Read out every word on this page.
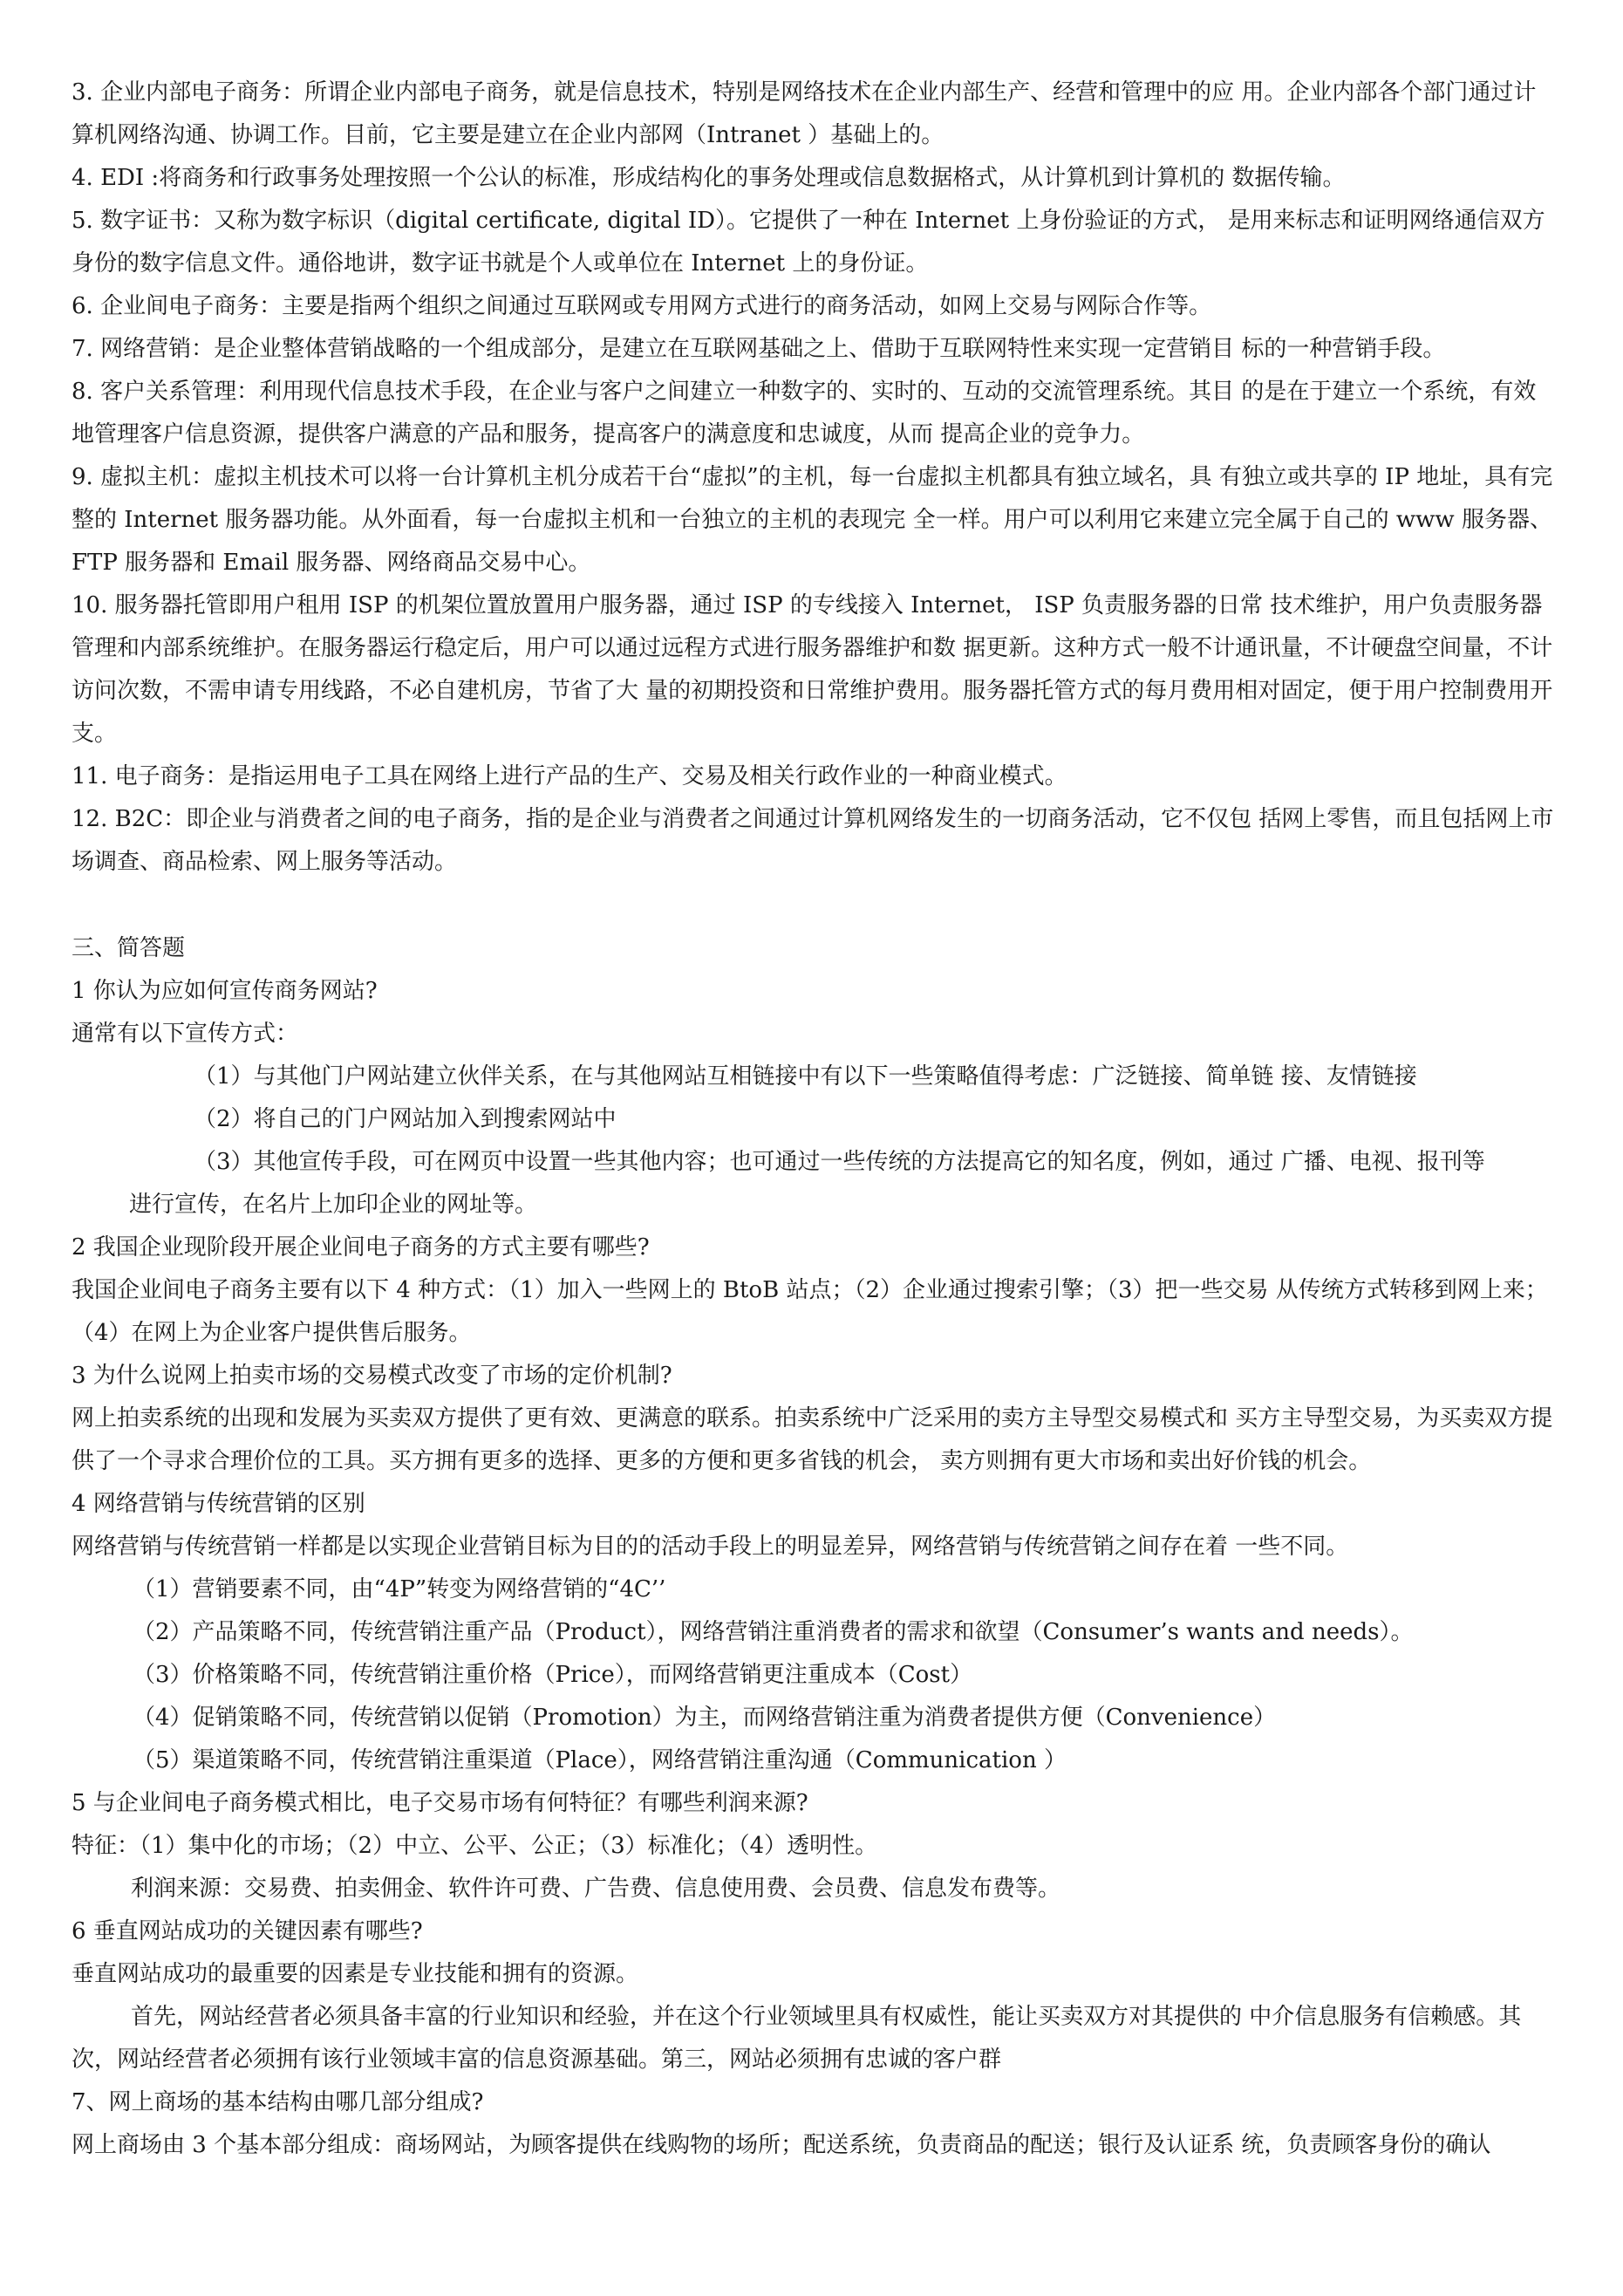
3. 企业内部电子商务：所谓企业内部电子商务，就是信息技术，特别是网络技术在企业内部生产、经营和管理中的应 用。企业内部各个部门通过计算机网络沟通、协调工作。目前，它主要是建立在企业内部网（Intranet ）基础上的。

4. EDI :将商务和行政事务处理按照一个公认的标准，形成结构化的事务处理或信息数据格式，从计算机到计算机的 数据传输。

5. 数字证书：又称为数字标识（digital certificate, digital ID）。它提供了一种在 Internet 上身份验证的方式， 是用来标志和证明网络通信双方身份的数字信息文件。通俗地讲，数字证书就是个人或单位在 Internet 上的身份证。

6. 企业间电子商务：主要是指两个组织之间通过互联网或专用网方式进行的商务活动，如网上交易与网际合作等。

7. 网络营销：是企业整体营销战略的一个组成部分，是建立在互联网基础之上、借助于互联网特性来实现一定营销目 标的一种营销手段。

8. 客户关系管理：利用现代信息技术手段，在企业与客户之间建立一种数字的、实时的、互动的交流管理系统。其目 的是在于建立一个系统，有效地管理客户信息资源，提供客户满意的产品和服务，提高客户的满意度和忠诚度，从而 提高企业的竞争力。

9. 虚拟主机：虚拟主机技术可以将一台计算机主机分成若干台“虚拟”的主机，每一台虚拟主机都具有独立域名，具 有独立或共享的 IP 地址，具有完整的 Internet 服务器功能。从外面看，每一台虚拟主机和一台独立的主机的表现完 全一样。用户可以利用它来建立完全属于自己的 www 服务器、FTP 服务器和 Email 服务器、网络商品交易中心。

10. 服务器托管即用户租用 ISP 的机架位置放置用户服务器，通过 ISP 的专线接入 Internet， ISP 负责服务器的日常 技术维护，用户负责服务器管理和内部系统维护。在服务器运行稳定后，用户可以通过远程方式进行服务器维护和数 据更新。这种方式一般不计通讯量，不计硬盘空间量，不计访问次数，不需申请专用线路，不必自建机房，节省了大 量的初期投资和日常维护费用。服务器托管方式的每月费用相对固定，便于用户控制费用开支。

11. 电子商务：是指运用电子工具在网络上进行产品的生产、交易及相关行政作业的一种商业模式。

12. B2C：即企业与消费者之间的电子商务，指的是企业与消费者之间通过计算机网络发生的一切商务活动，它不仅包 括网上零售，而且包括网上市场调查、商品检索、网上服务等活动。

三、简答题

1 你认为应如何宣传商务网站?

通常有以下宣传方式：

（1）与其他门户网站建立伙伴关系，在与其他网站互相链接中有以下一些策略值得考虑：广泛链接、简单链 接、友情链接

（2）将自己的门户网站加入到搜索网站中

（3）其他宣传手段，可在网页中设置一些其他内容；也可通过一些传统的方法提高它的知名度，例如，通过 广播、电视、报刊等

进行宣传，在名片上加印企业的网址等。

2 我国企业现阶段开展企业间电子商务的方式主要有哪些?

我国企业间电子商务主要有以下 4 种方式：（1）加入一些网上的 BtoB 站点；（2）企业通过搜索引擎；（3）把一些交易 从传统方式转移到网上来；（4）在网上为企业客户提供售后服务。

3 为什么说网上拍卖市场的交易模式改变了市场的定价机制?

网上拍卖系统的出现和发展为买卖双方提供了更有效、更满意的联系。拍卖系统中广泛采用的卖方主导型交易模式和 买方主导型交易，为买卖双方提供了一个寻求合理价位的工具。买方拥有更多的选择、更多的方便和更多省钱的机会， 卖方则拥有更大市场和卖出好价钱的机会。

4 网络营销与传统营销的区别

网络营销与传统营销一样都是以实现企业营销目标为目的的活动手段上的明显差异，网络营销与传统营销之间存在着 一些不同。

（1）营销要素不同，由“4P”转变为网络营销的“4C’’

（2）产品策略不同，传统营销注重产品（Product），网络营销注重消费者的需求和欲望（Consumer’s wants and needs）。

（3）价格策略不同，传统营销注重价格（Price），而网络营销更注重成本（Cost）

（4）促销策略不同，传统营销以促销（Promotion）为主，而网络营销注重为消费者提供方便（Convenience）

（5）渠道策略不同，传统营销注重渠道（Place），网络营销注重沟通（Communication ）

5 与企业间电子商务模式相比，电子交易市场有何特征？有哪些利润来源?

特征：（1）集中化的市场；（2）中立、公平、公正；（3）标准化；（4）透明性。

利润来源：交易费、拍卖佣金、软件许可费、广告费、信息使用费、会员费、信息发布费等。

6 垂直网站成功的关键因素有哪些?

垂直网站成功的最重要的因素是专业技能和拥有的资源。

首先，网站经营者必须具备丰富的行业知识和经验，并在这个行业领域里具有权威性，能让买卖双方对其提供的 中介信息服务有信赖感。其次，网站经营者必须拥有该行业领域丰富的信息资源基础。第三，网站必须拥有忠诚的客户群

7、网上商场的基本结构由哪几部分组成?

网上商场由 3 个基本部分组成：商场网站，为顾客提供在线购物的场所；配送系统，负责商品的配送；银行及认证系 统，负责顾客身份的确认
